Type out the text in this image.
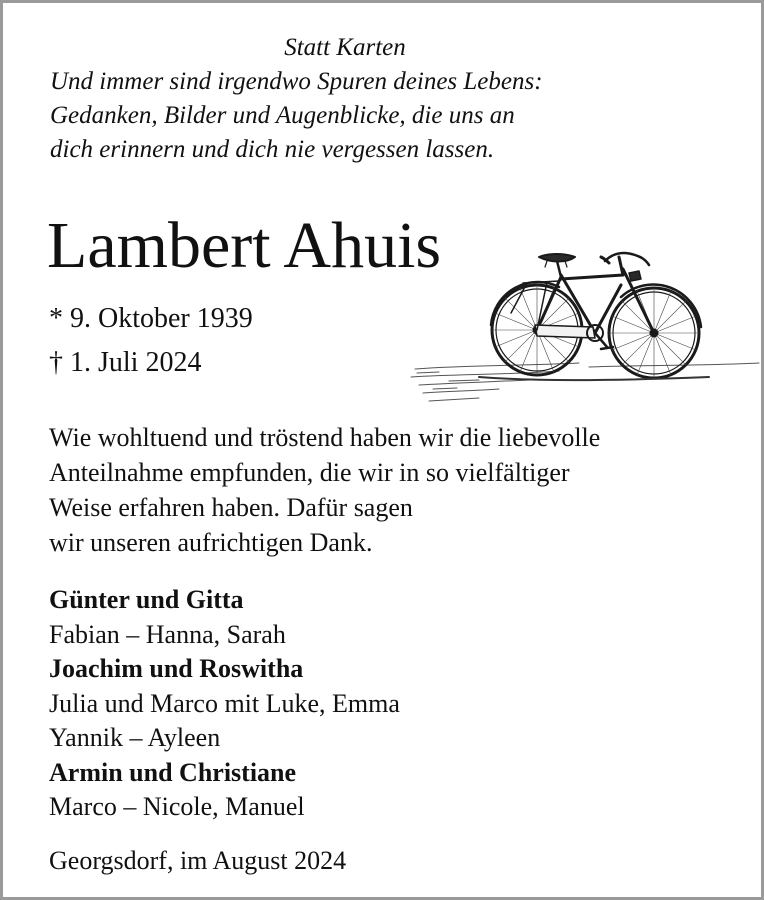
Statt Karten
Und immer sind irgendwo Spuren deines Lebens:
Gedanken, Bilder und Augenblicke, die uns an
dich erinnern und dich nie vergessen lassen.
Lambert Ahuis
* 9. Oktober 1939
† 1. Juli 2024
Wie wohltuend und tröstend haben wir die liebevolle
Anteilnahme empfunden, die wir in so vielfältiger
Weise erfahren haben. Dafür sagen
wir unseren aufrichtigen Dank.
Günter und Gitta
Fabian – Hanna, Sarah
Joachim und Roswitha
Julia und Marco mit Luke, Emma
Yannik – Ayleen
Armin und Christiane
Marco – Nicole, Manuel
Georgsdorf, im August 2024
